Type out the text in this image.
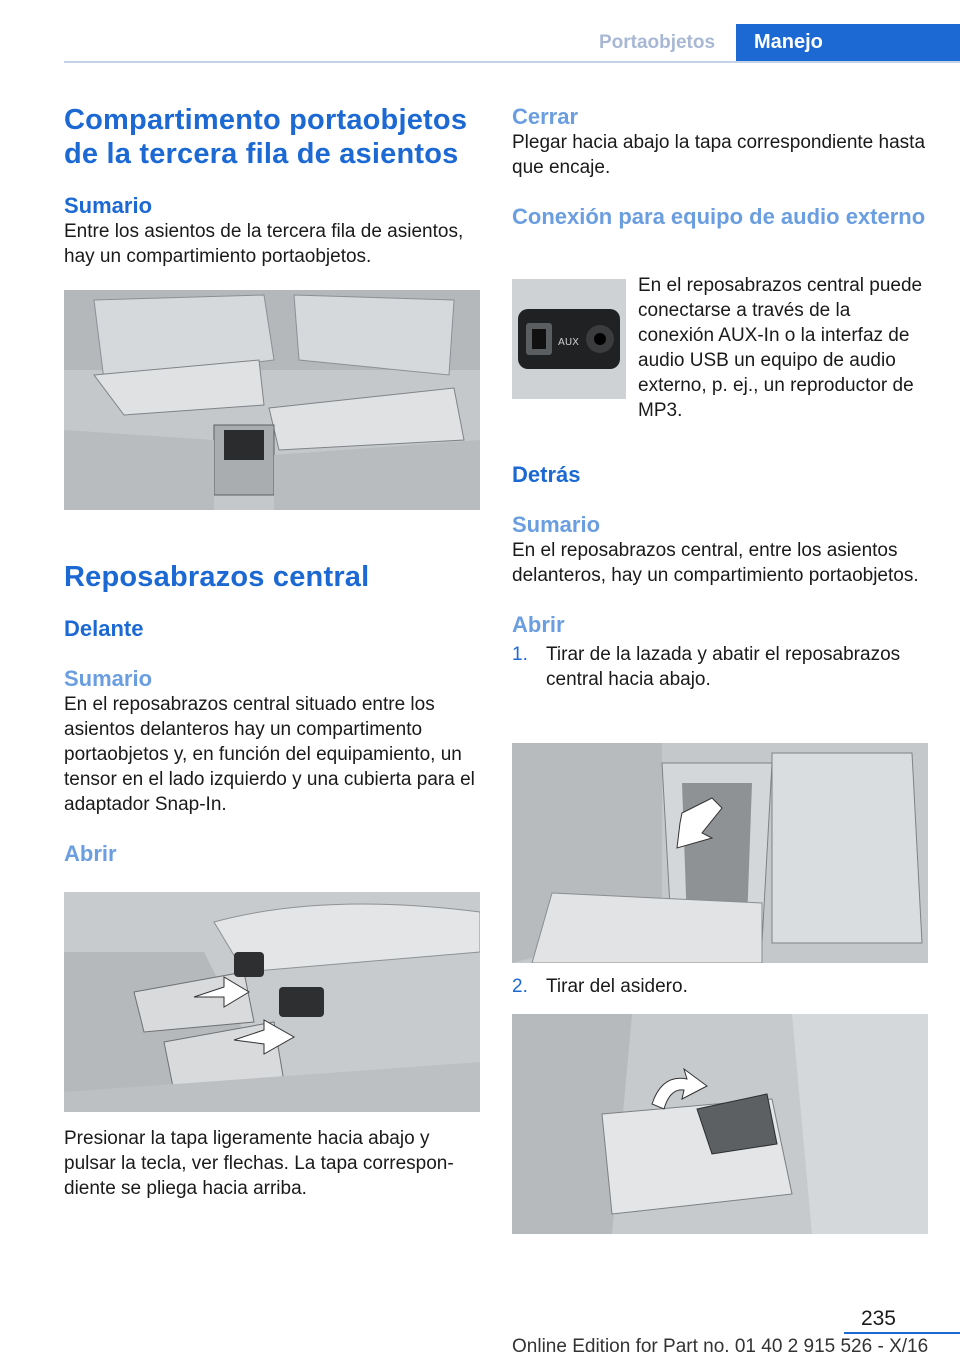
Portaobjetos	Manejo
Compartimento portaobjetos de la tercera fila de asientos
Sumario

Entre los asientos de la tercera fila de asientos, hay un compartimiento portaobjetos.

Reposabrazos central
Delante
Sumario

En el reposabrazos central situado entre los asientos delanteros hay un compartimento portaobjetos y, en función del equipamiento, un tensor en el lado izquierdo y una cubierta para el adaptador Snap-In.

Abrir

Presionar la tapa ligeramente hacia abajo y pulsar la tecla, ver flechas. La tapa correspondiente se pliega hacia arriba.

Cerrar

Plegar hacia abajo la tapa correspondiente hasta que encaje.

Conexión para equipo de audio externo
AUX

En el reposabrazos central puede conectarse a través de la conexión AUX-In o la interfaz de audio USB un equipo de audio externo, p. ej., un reproductor de MP3.

Detrás
Sumario

En el reposabrazos central, entre los asientos delanteros, hay un compartimiento portaobjetos.

Abrir
1. Tirar de la lazada y abatir el reposabrazos central hacia abajo.
2. Tirar del asidero.
235
Online Edition for Part no. 01 40 2 915 526 - X/16
